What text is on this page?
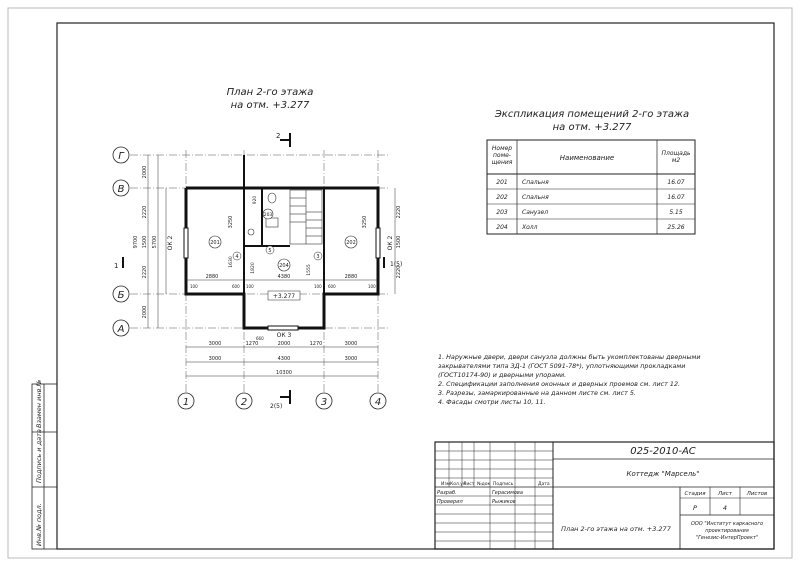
Инв.№ подл.
Подпись и дата
Взамен инв.№
План 2-го этажа
на отм. +3.277
Г
В
Б
А
1	2	3	4
ОК 2	ОК 2
ОК 3
201	202
203
204
4
5
3
+3.277
2
2(5)
1	1(5)
3000	1270	2000	1270	3000
3000	4300	3000
10300
2000
2220
1500
2220
2000
5700
9700
2220
1500
2220
2880	4380	2880
3250	3250
1630
1820	1555
920
100	600 100
660
100 600	100
Экспликация помещений 2-го этажа
на отм. +3.277
Номер поме-щения
Наименование
Площадь м2
201 Спальня	16.07
202 Спальня	16.07
203 Санузел	5.15
204 Холл	25.26
1. Наружные двери, двери санузла должны быть укомплектованы дверными
закрывателями типа ЗД-1 (ГОСТ 5091-78*), уплотняющими прокладками
(ГОСТ10174-90) и дверными упорами.
2. Спецификации заполнения оконных и дверных проемов см. лист 12.
3. Разрезы, замаркированные на данном листе см. лист 5.
4. Фасады смотри листы 10, 11.
Изм.
Кол.уч
Лист №док Подпись	Дата
Разраб.	Герасимова
Проверил	Рыжиков
025-2010-АС
Коттедж "Марсель"
Стадия Лист	Листов
Р	4
План 2-го этажа на отм. +3.277
ООО "Институт каркасного
проектирования
"Генезис-ИнтерПроект"
